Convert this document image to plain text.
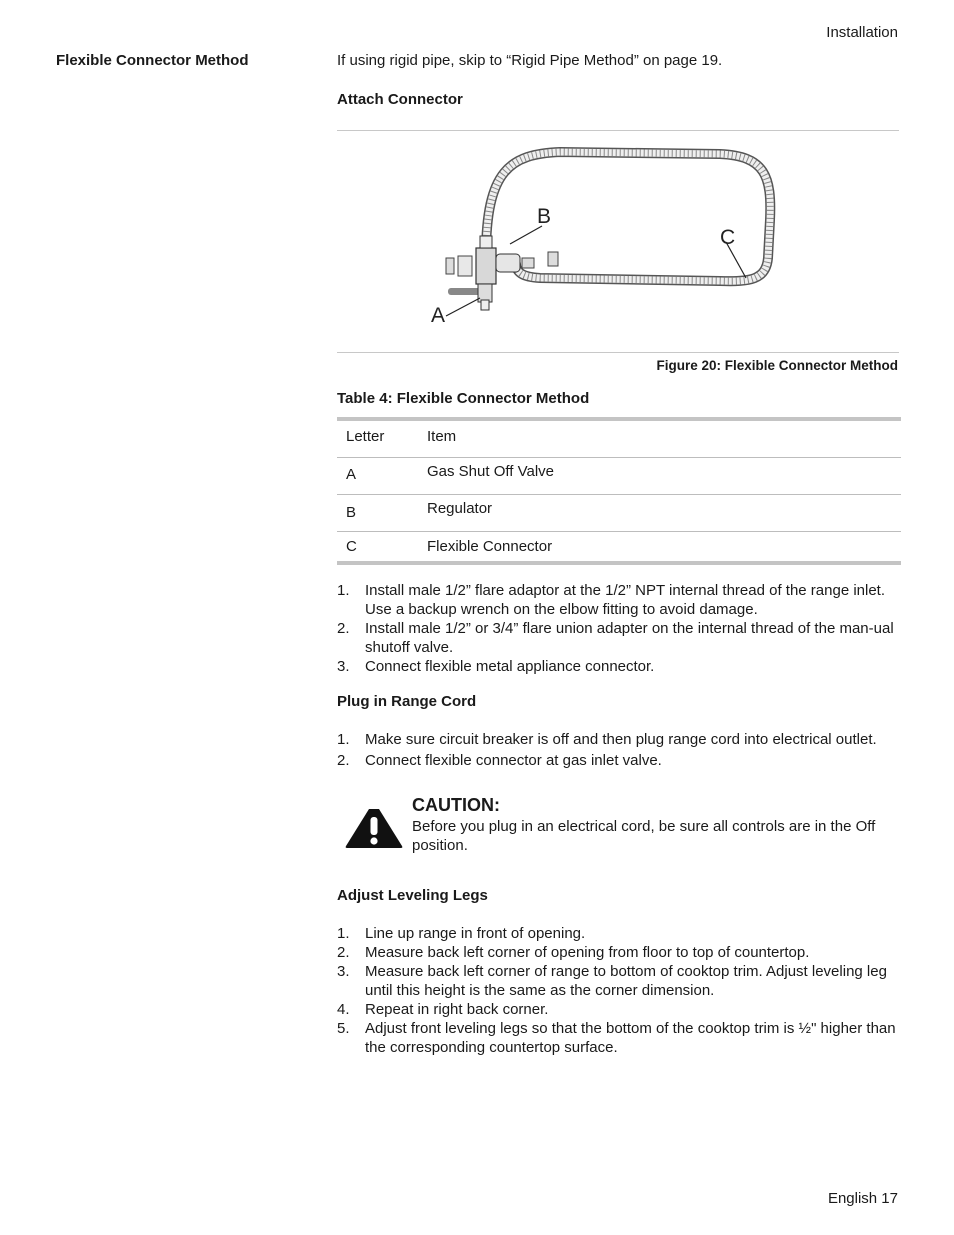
Installation
Flexible Connector Method	If using rigid pipe, skip to “Rigid Pipe Method” on page 19.
Attach Connector
B
C
A
Figure 20: Flexible Connector Method
Table 4: Flexible Connector Method
Letter	Item
A	Gas Shut Off Valve
B	Regulator
C	Flexible Connector
1. Install male 1/2” flare adaptor at the 1/2” NPT internal thread of the range inlet. Use a backup wrench on the elbow fitting to avoid damage.
2. Install male 1/2” or 3/4” flare union adapter on the internal thread of the man-ual shutoff valve.
3. Connect flexible metal appliance connector.
Plug in Range Cord
1. Make sure circuit breaker is off and then plug range cord into electrical outlet.
2. Connect flexible connector at gas inlet valve.
CAUTION:
Before you plug in an electrical cord, be sure all controls are in the Off position.
Adjust Leveling Legs
1. Line up range in front of opening.
2. Measure back left corner of opening from floor to top of countertop.
3. Measure back left corner of range to bottom of cooktop trim. Adjust leveling leg until this height is the same as the corner dimension.
4. Repeat in right back corner.
5. Adjust front leveling legs so that the bottom of the cooktop trim is ½" higher than the corresponding countertop surface.
English 17
